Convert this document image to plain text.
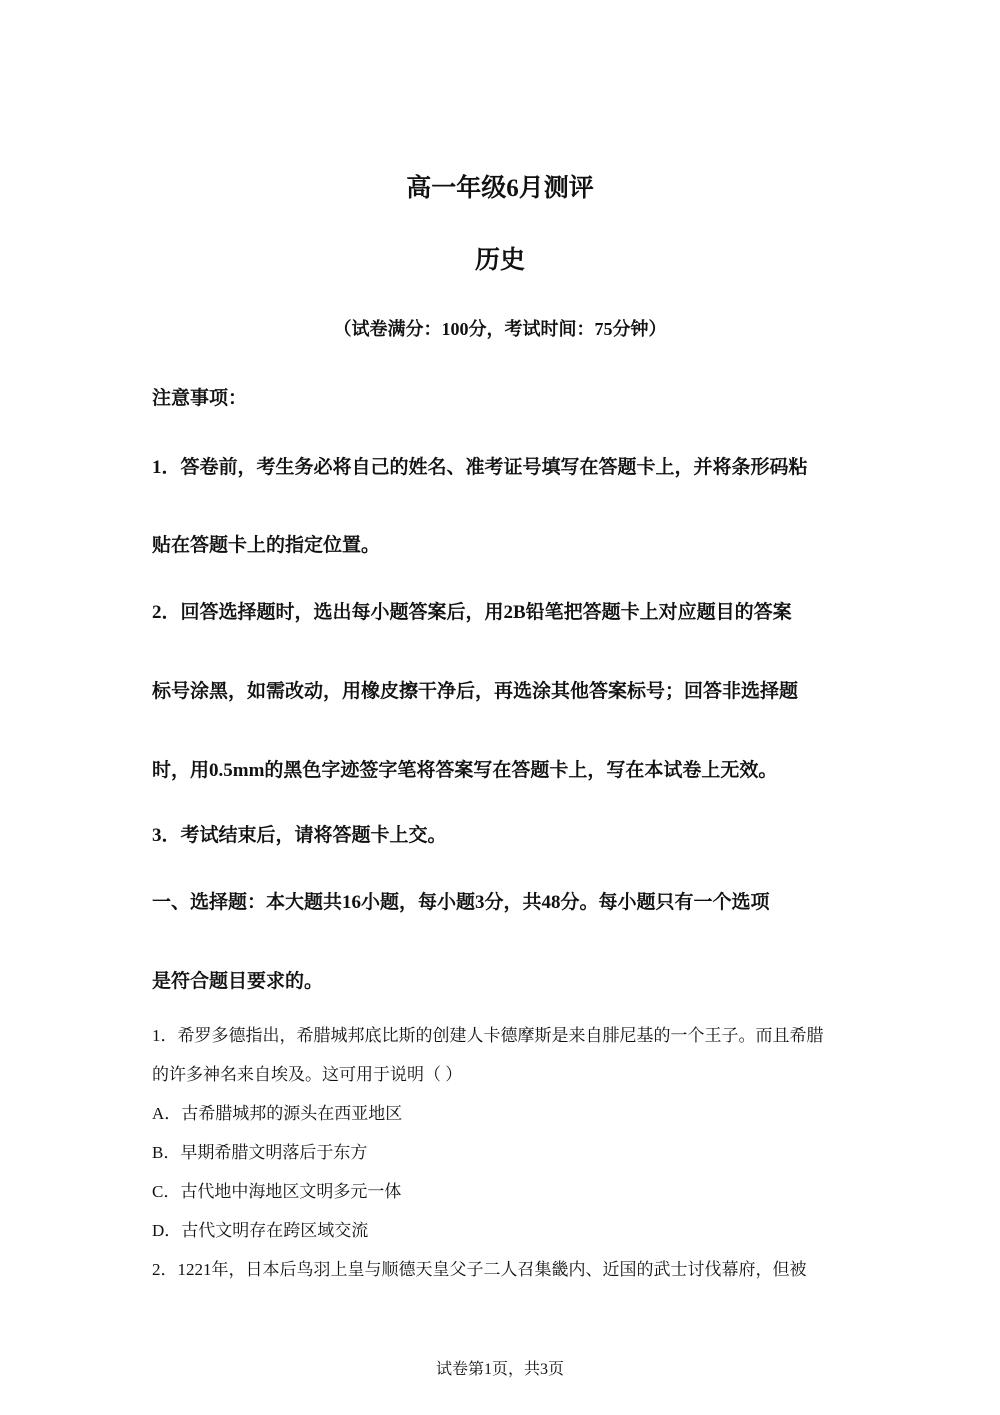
高一年级6月测评
历史
（试卷满分：100分，考试时间：75分钟）
注意事项：
1．答卷前，考生务必将自己的姓名、准考证号填写在答题卡上，并将条形码粘
贴在答题卡上的指定位置。
2．回答选择题时，选出每小题答案后，用2B铅笔把答题卡上对应题目的答案
标号涂黑，如需改动，用橡皮擦干净后，再选涂其他答案标号；回答非选择题
时，用0.5mm的黑色字迹签字笔将答案写在答题卡上，写在本试卷上无效。
3．考试结束后，请将答题卡上交。
一、选择题：本大题共16小题，每小题3分，共48分。每小题只有一个选项
是符合题目要求的。
1．希罗多德指出，希腊城邦底比斯的创建人卡德摩斯是来自腓尼基的一个王子。而且希腊
的许多神名来自埃及。这可用于说明（ ）
A．古希腊城邦的源头在西亚地区
B．早期希腊文明落后于东方
C．古代地中海地区文明多元一体
D．古代文明存在跨区域交流
2．1221年，日本后鸟羽上皇与顺德天皇父子二人召集畿内、近国的武士讨伐幕府，但被
试卷第1页，共3页
